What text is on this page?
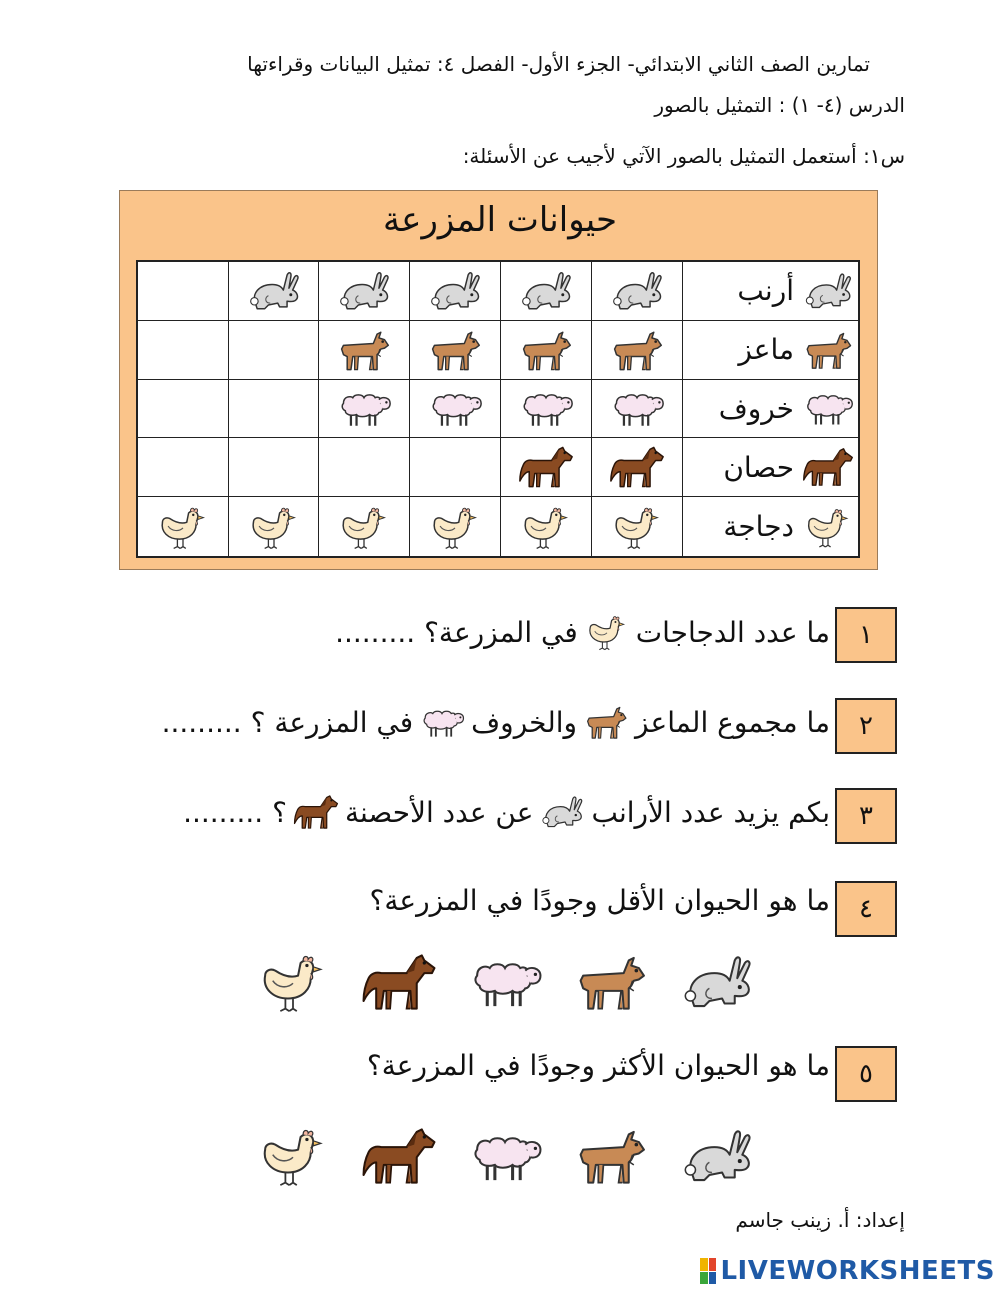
تمارين الصف الثاني الابتدائي- الجزء الأول- الفصل ٤: تمثيل البيانات وقراءتها
الدرس (٤- ١) : التمثيل بالصور
س١: أستعمل التمثيل بالصور الآتي لأجيب عن الأسئلة:
حيوانات المزرعة
أرنب
ماعز
خروف
حصان
دجاجة
١
ما عدد الدجاجات
في المزرعة؟ .........
٢
ما مجموع الماعز
والخروف
في المزرعة ؟ .........
٣
بكم يزيد عدد الأرانب
عن عدد الأحصنة
؟ .........
٤
ما هو الحيوان الأقل وجودًا في المزرعة؟
٥
ما هو الحيوان الأكثر وجودًا في المزرعة؟
إعداد: أ. زينب جاسم
LIVEWORKSHEETS
